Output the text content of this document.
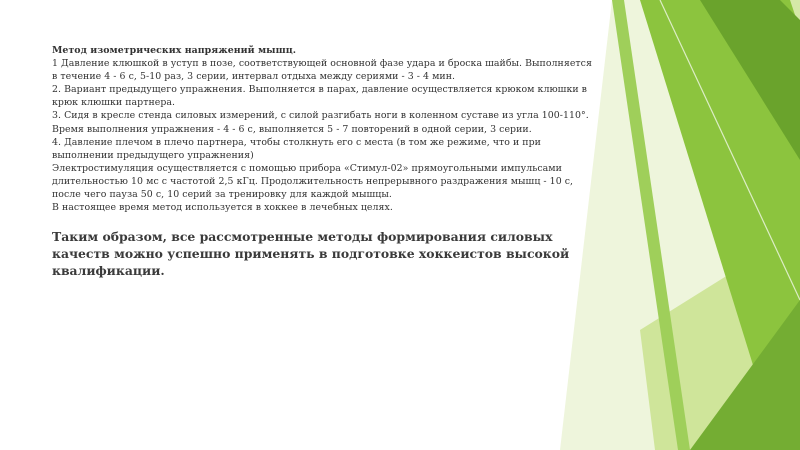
Метод изометрических напряжений мышц.

1 Давление клюшкой в уступ в позе, соответствующей основной фазе удара и броска шайбы. Выполняется в течение 4 - 6 с, 5-10 раз, 3 серии, интервал отдыха между сериями - 3 - 4 мин.

2. Вариант предыдущего упражнения. Выполняется в парах, давление осуществляется крюком клюшки в крюк клюшки партнера.

3. Сидя в кресле стенда силовых измерений, с силой разгибать ноги в коленном суставе из угла 100-110°. Время выполнения упражнения - 4 - 6 с, выполняется 5 - 7 повторений в одной серии, 3 серии.

4. Давление плечом в плечо партнера, чтобы столкнуть его с места (в том же режиме, что и при выполнении предыдущего упражнения)

Электростимуляция осуществляется с помощью прибора «Стимул-02» прямоугольными импульсами длительностью 10 мс с частотой 2,5 кГц. Продолжительность непрерывного раздражения мышц - 10 с, после чего пауза 50 с, 10 серий за тренировку для каждой мышцы.

В настоящее время метод используется в хоккее в лечебных целях.

Таким образом, все рассмотренные методы формирования силовых качеств можно успешно применять в подготовке хоккеистов высокой квалификации.
